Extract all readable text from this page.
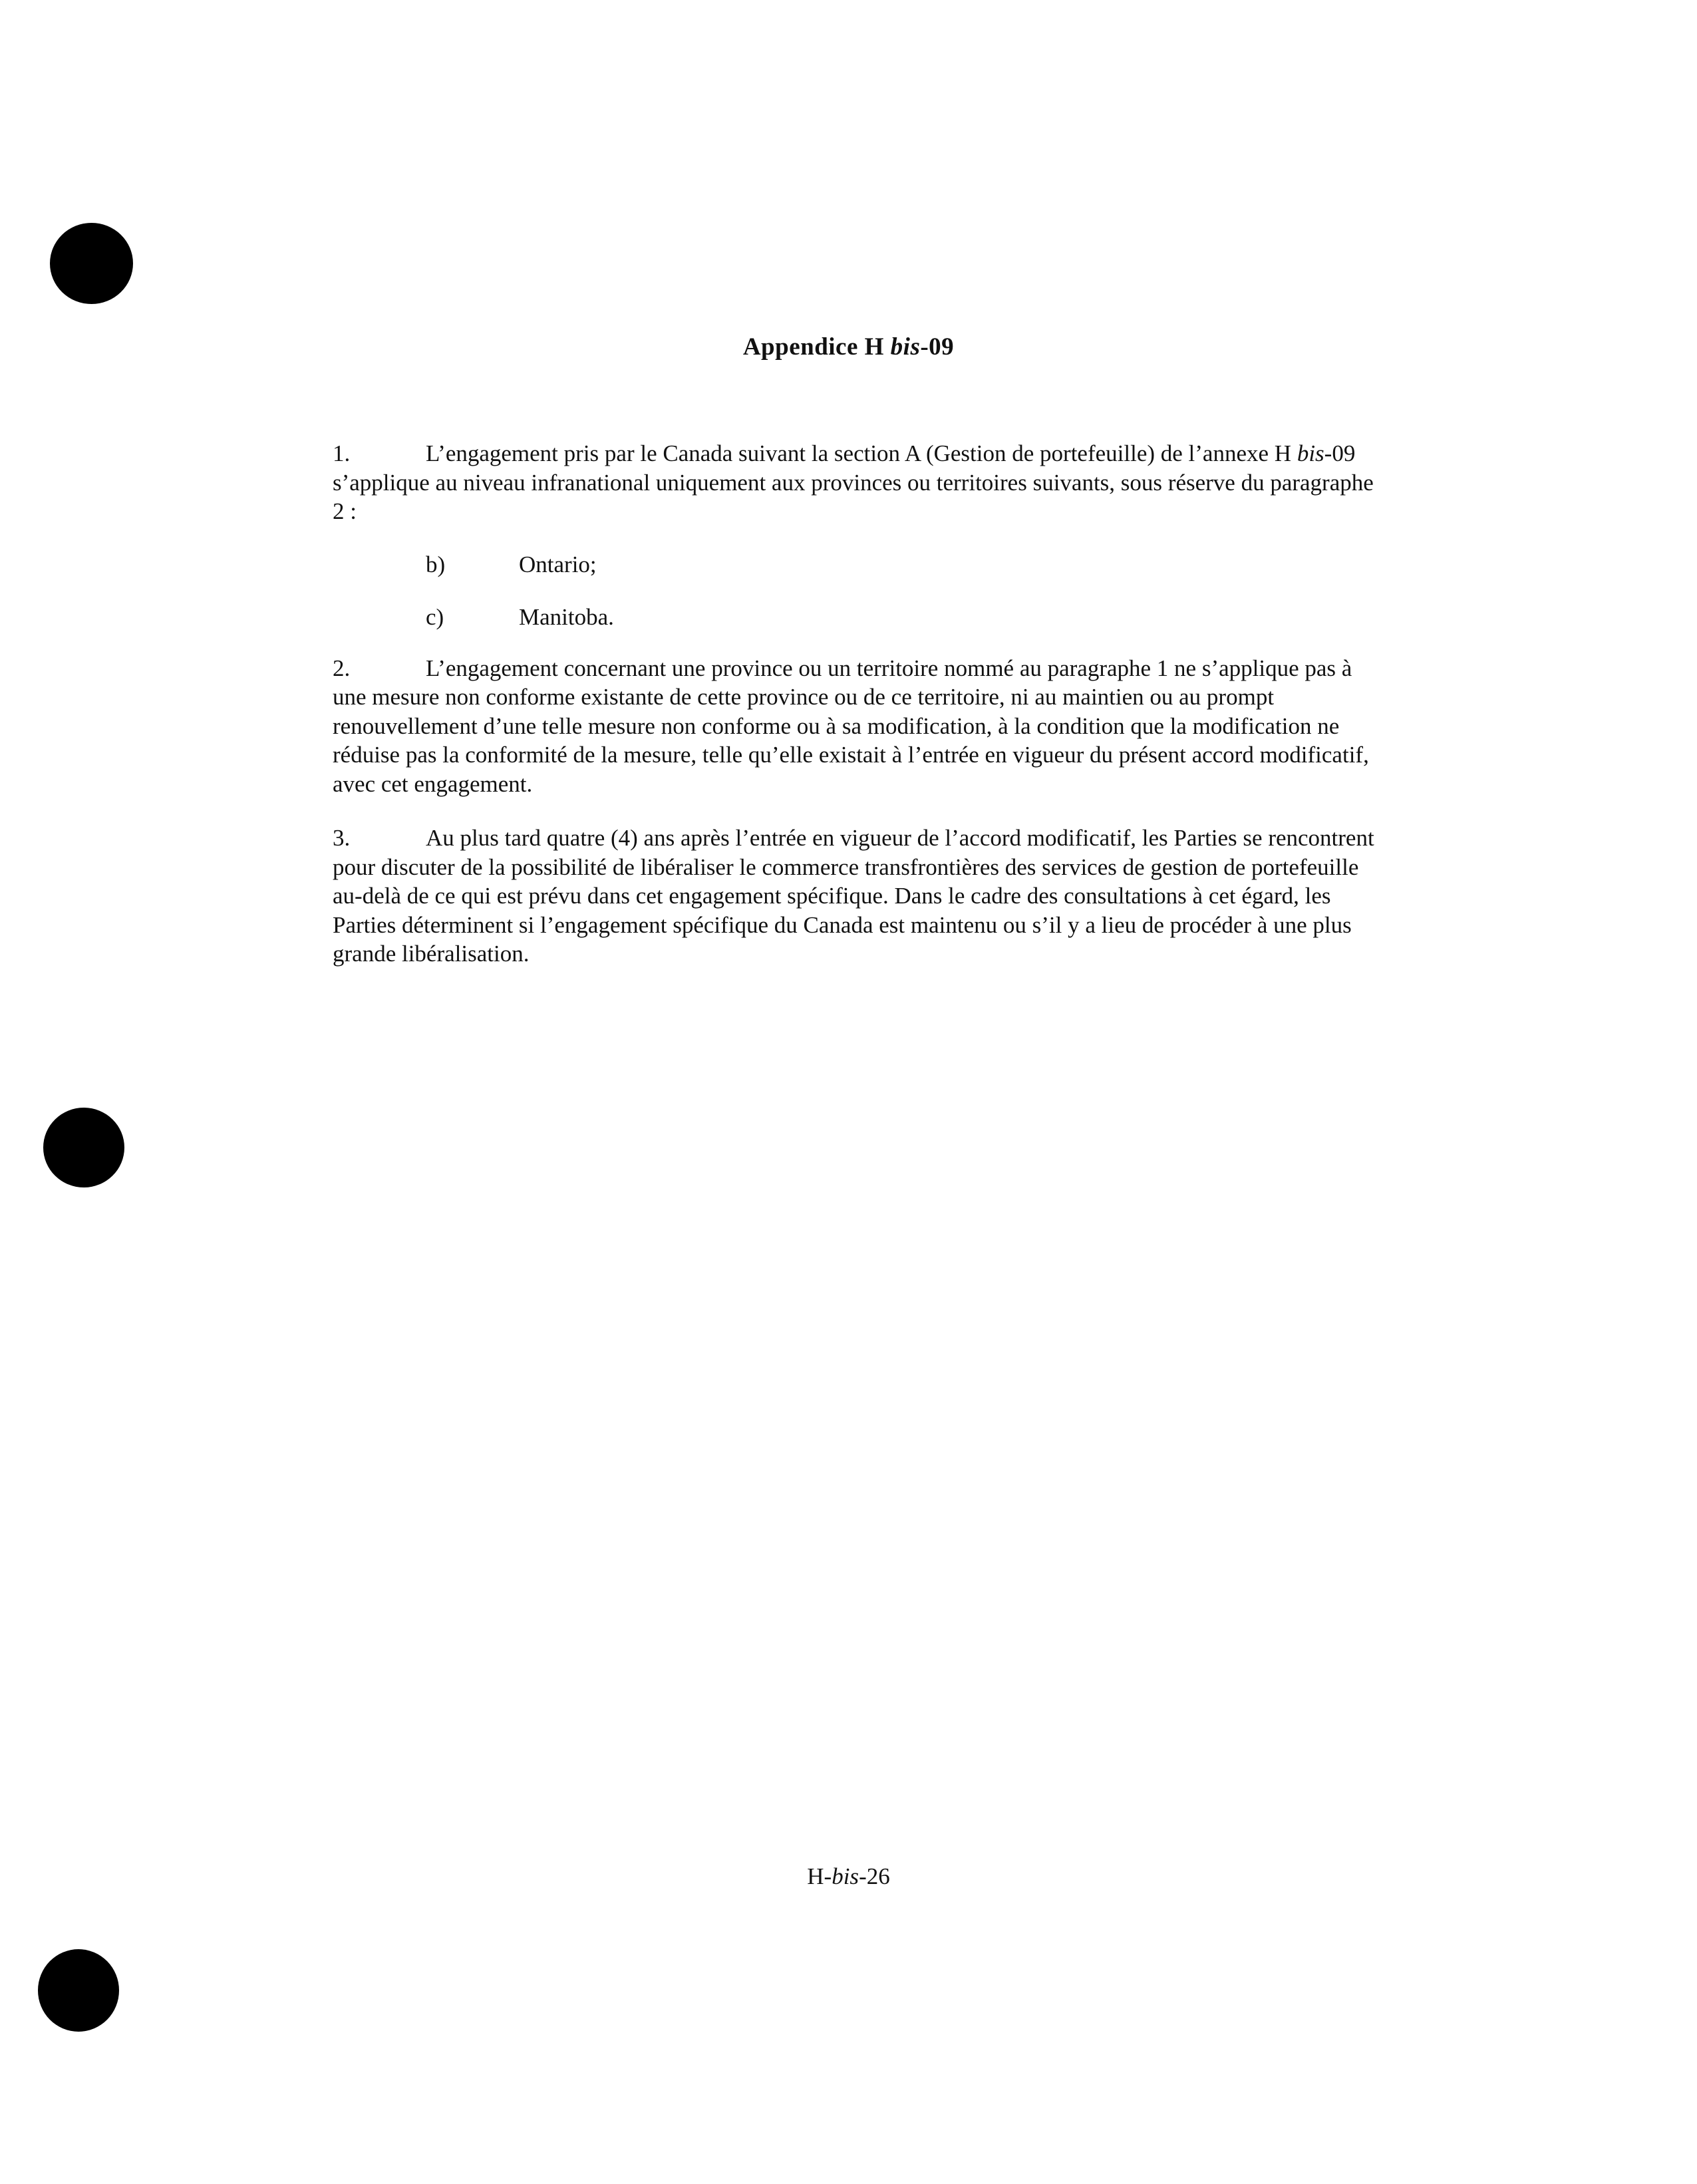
Appendice H bis-09

1.	L’engagement pris par le Canada suivant la section A (Gestion de portefeuille) de l’annexe H bis-09 s’applique au niveau infranational uniquement aux provinces ou territoires suivants, sous réserve du paragraphe 2 :

b)	Ontario;

c)	Manitoba.

2.	L’engagement concernant une province ou un territoire nommé au paragraphe 1 ne s’applique pas à une mesure non conforme existante de cette province ou de ce territoire, ni au maintien ou au prompt renouvellement d’une telle mesure non conforme ou à sa modification, à la condition que la modification ne réduise pas la conformité de la mesure, telle qu’elle existait à l’entrée en vigueur du présent accord modificatif, avec cet engagement.

3.	Au plus tard quatre (4) ans après l’entrée en vigueur de l’accord modificatif, les Parties se rencontrent pour discuter de la possibilité de libéraliser le commerce transfrontières des services de gestion de portefeuille au-delà de ce qui est prévu dans cet engagement spécifique. Dans le cadre des consultations à cet égard, les Parties déterminent si l’engagement spécifique du Canada est maintenu ou s’il y a lieu de procéder à une plus grande libéralisation.

H-bis-26
